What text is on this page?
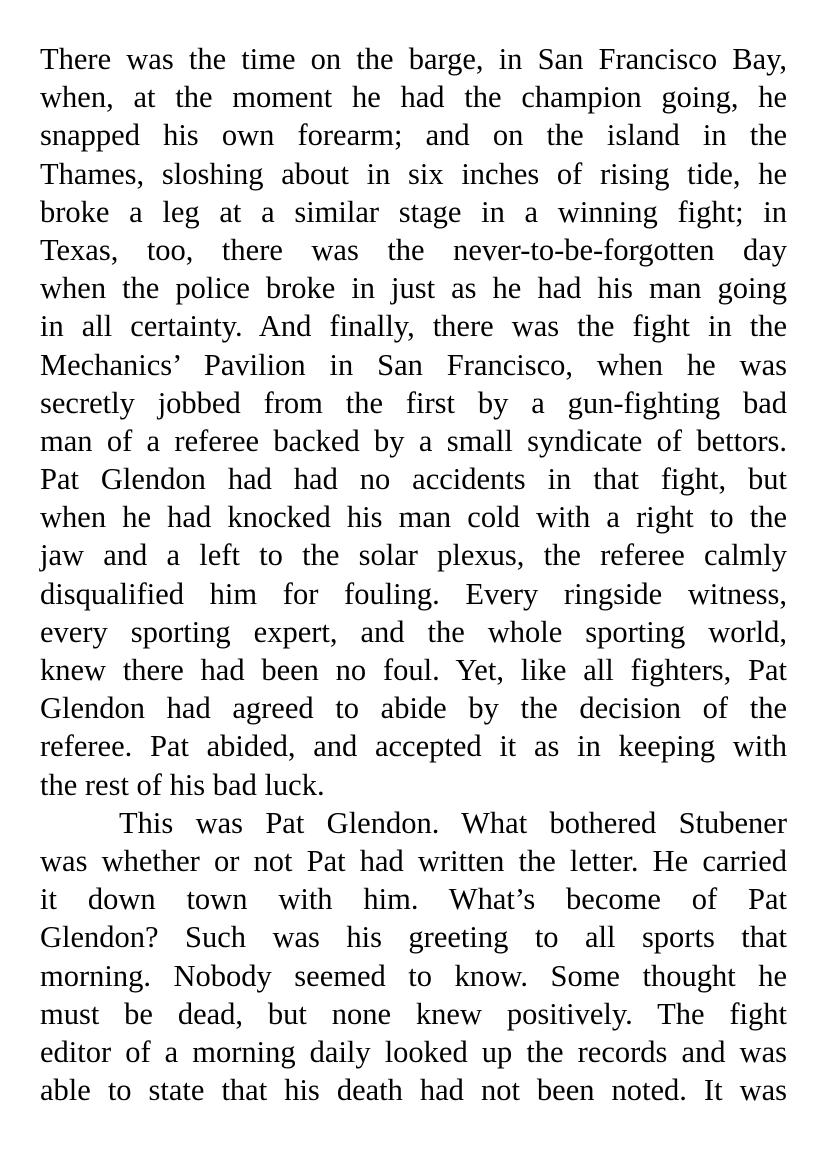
There was the time on the barge, in San Francisco Bay,
when, at the moment he had the champion going, he
snapped his own forearm; and on the island in the
Thames, sloshing about in six inches of rising tide, he
broke a leg at a similar stage in a winning fight; in
Texas, too, there was the never-to-be-forgotten day
when the police broke in just as he had his man going
in all certainty. And finally, there was the fight in the
Mechanics’ Pavilion in San Francisco, when he was
secretly jobbed from the first by a gun-fighting bad
man of a referee backed by a small syndicate of bettors.
Pat Glendon had had no accidents in that fight, but
when he had knocked his man cold with a right to the
jaw and a left to the solar plexus, the referee calmly
disqualified him for fouling. Every ringside witness,
every sporting expert, and the whole sporting world,
knew there had been no foul. Yet, like all fighters, Pat
Glendon had agreed to abide by the decision of the
referee. Pat abided, and accepted it as in keeping with
the rest of his bad luck.
This was Pat Glendon. What bothered Stubener
was whether or not Pat had written the letter. He carried
it down town with him. What’s become of Pat
Glendon? Such was his greeting to all sports that
morning. Nobody seemed to know. Some thought he
must be dead, but none knew positively. The fight
editor of a morning daily looked up the records and was
able to state that his death had not been noted. It was
